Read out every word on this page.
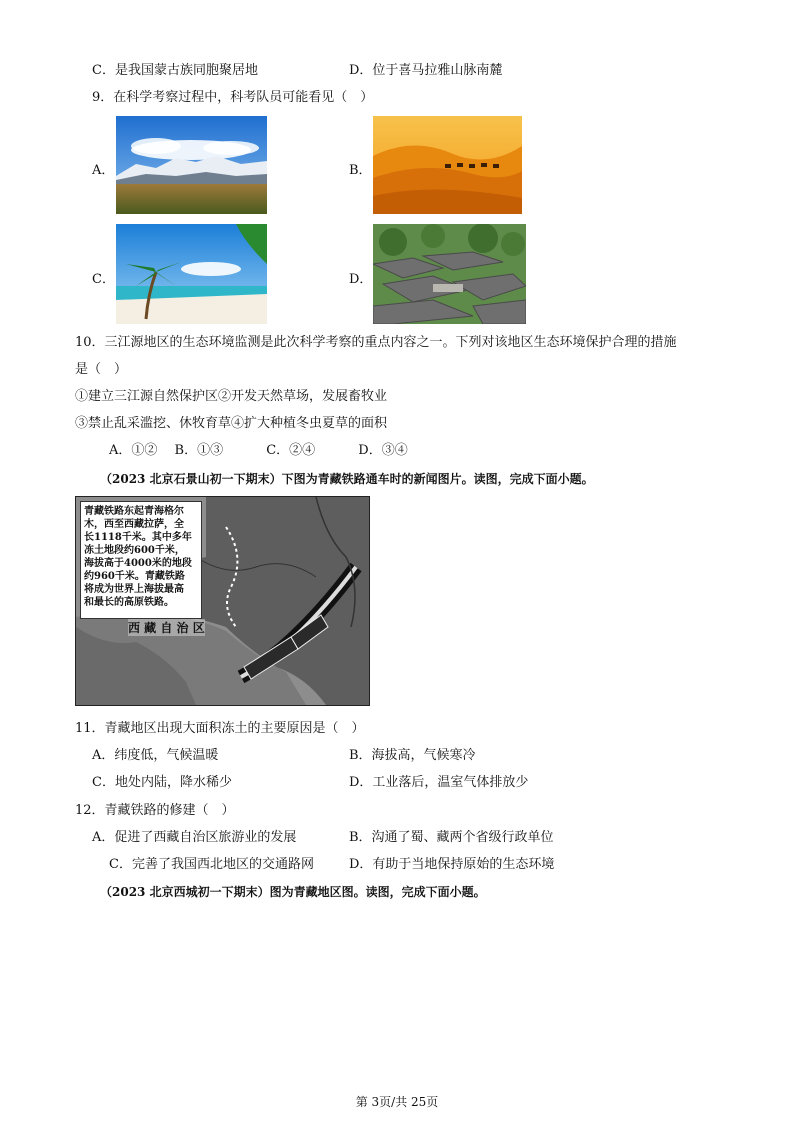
C．是我国蒙古族同胞聚居地	D．位于喜马拉雅山脉南麓
9．在科学考察过程中，科考队员可能看见（　）
A．	B．
C．	D．
10．三江源地区的生态环境监测是此次科学考察的重点内容之一。下列对该地区生态环境保护合理的措施
是（　）
①建立三江源自然保护区②开发天然草场，发展畜牧业
③禁止乱采滥挖、休牧育草④扩大种植冬虫夏草的面积
A．①②　 B．①③　　　 C．②④　　　 D．③④
（2023 北京石景山初一下期末）下图为青藏铁路通车时的新闻图片。读图，完成下面小题。
青藏铁路东起青海格尔
木，西至西藏拉萨，全
长1118千米。其中多年
冻土地段约600千米，
海拔高于4000米的地段
约960千米。青藏铁路
将成为世界上海拔最高
和最长的高原铁路。
西 藏 自 治 区
11．青藏地区出现大面积冻土的主要原因是（　）
A．纬度低，气候温暖	B．海拔高，气候寒冷
C．地处内陆，降水稀少	D．工业落后，温室气体排放少
12．青藏铁路的修建（　）
A．促进了西藏自治区旅游业的发展	B．沟通了蜀、藏两个省级行政单位
C．完善了我国西北地区的交通路网	D．有助于当地保持原始的生态环境
（2023 北京西城初一下期末）图为青藏地区图。读图，完成下面小题。
第 3页/共 25页
